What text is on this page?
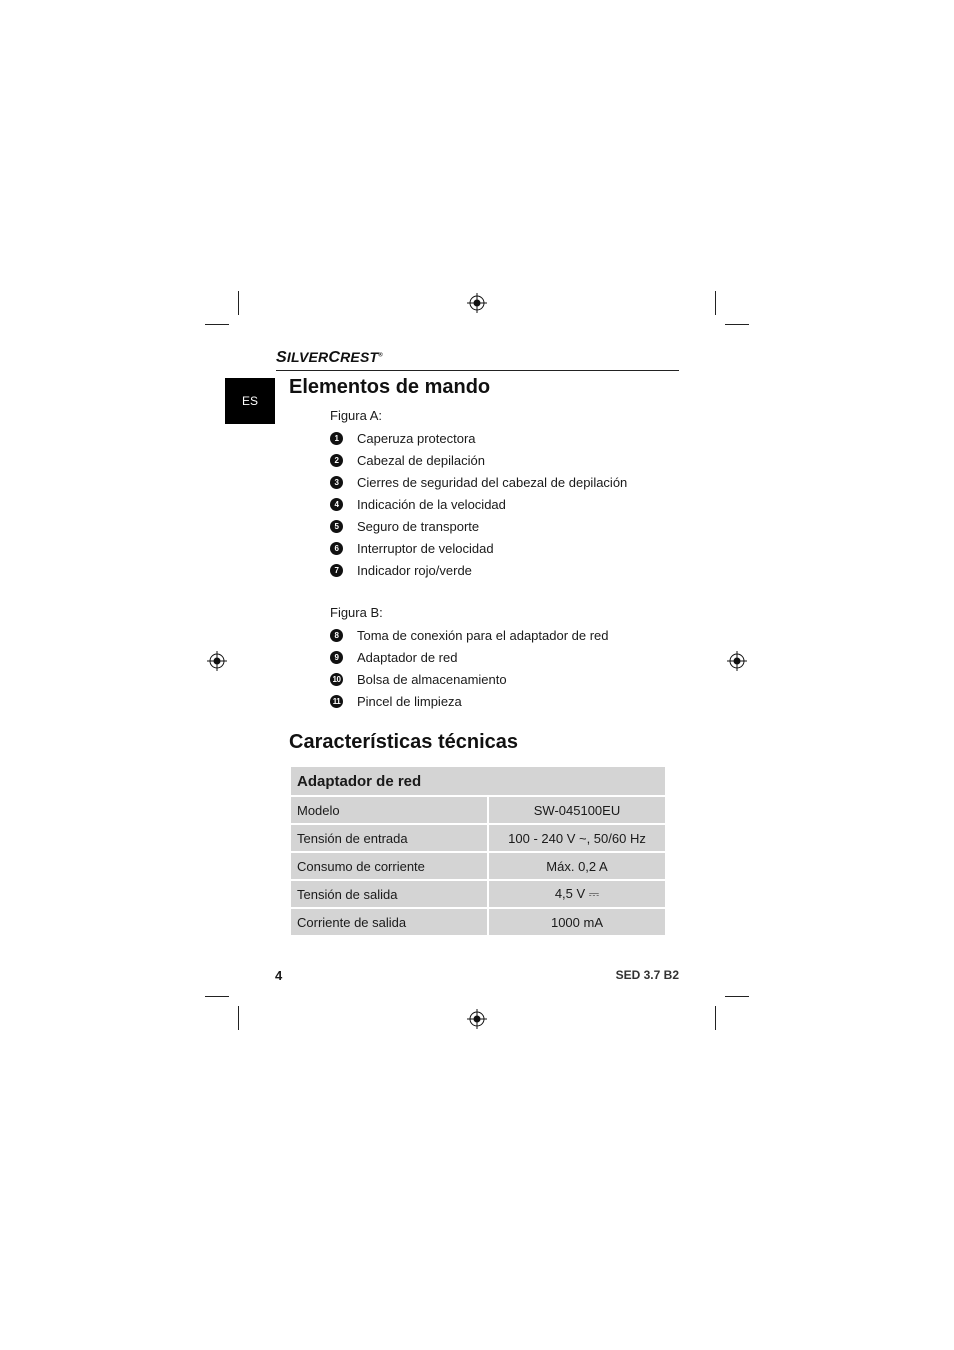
SILVERCREST®
ES
Elementos de mando
Figura A:
1	Caperuza protectora
2	Cabezal de depilación
3	Cierres de seguridad del cabezal de depilación
4	Indicación de la velocidad
5	Seguro de transporte
6	Interruptor de velocidad
7	Indicador rojo/verde
Figura B:
8	Toma de conexión para el adaptador de red
9	Adaptador de red
10 Bolsa de almacenamiento
11 Pincel de limpieza
Características técnicas
Adaptador de red	
Modelo	SW-045100EU
Tensión de entrada	100 - 240 V ~, 50/60 Hz
Consumo de corriente	Máx. 0,2 A
Tensión de salida	4,5 V ⎓
Corriente de salida	1000 mA
4	SED 3.7 B2
